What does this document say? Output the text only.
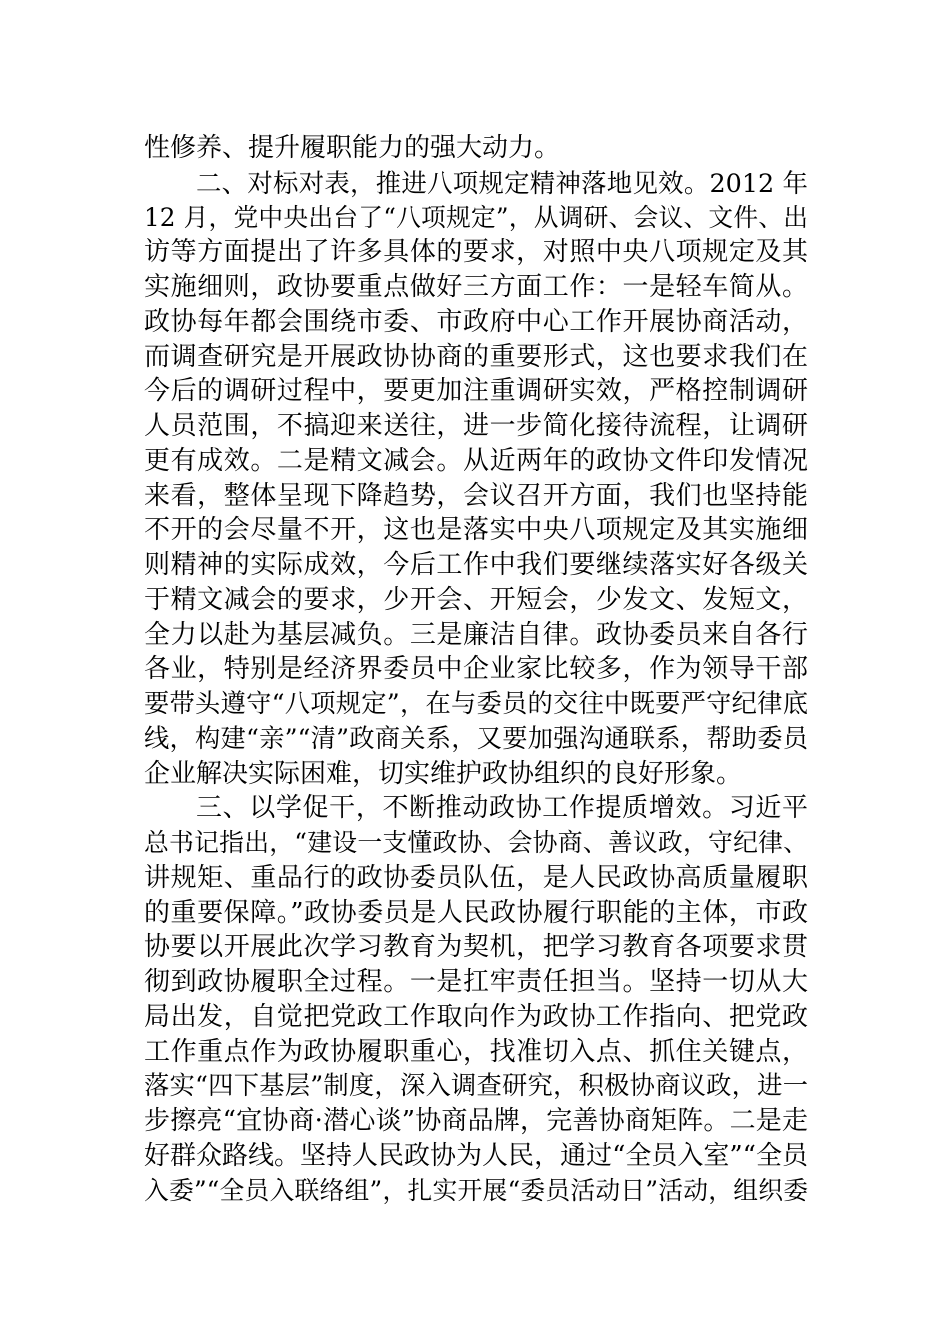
性修养、提升履职能力的强大动力。
二、对标对表，推进八项规定精神落地见效。2012 年
12 月，党中央出台了“八项规定”，从调研、会议、文件、出
访等方面提出了许多具体的要求，对照中央八项规定及其
实施细则，政协要重点做好三方面工作：一是轻车简从。
政协每年都会围绕市委、市政府中心工作开展协商活动，
而调查研究是开展政协协商的重要形式，这也要求我们在
今后的调研过程中，要更加注重调研实效，严格控制调研
人员范围，不搞迎来送往，进一步简化接待流程，让调研
更有成效。二是精文减会。从近两年的政协文件印发情况
来看，整体呈现下降趋势，会议召开方面，我们也坚持能
不开的会尽量不开，这也是落实中央八项规定及其实施细
则精神的实际成效，今后工作中我们要继续落实好各级关
于精文减会的要求，少开会、开短会，少发文、发短文，
全力以赴为基层减负。三是廉洁自律。政协委员来自各行
各业，特别是经济界委员中企业家比较多，作为领导干部
要带头遵守“八项规定”，在与委员的交往中既要严守纪律底
线，构建“亲”“清”政商关系，又要加强沟通联系，帮助委员
企业解决实际困难，切实维护政协组织的良好形象。
三、以学促干，不断推动政协工作提质增效。习近平
总书记指出，“建设一支懂政协、会协商、善议政，守纪律、
讲规矩、重品行的政协委员队伍，是人民政协高质量履职
的重要保障。”政协委员是人民政协履行职能的主体，市政
协要以开展此次学习教育为契机，把学习教育各项要求贯
彻到政协履职全过程。一是扛牢责任担当。坚持一切从大
局出发，自觉把党政工作取向作为政协工作指向、把党政
工作重点作为政协履职重心，找准切入点、抓住关键点，
落实“四下基层”制度，深入调查研究，积极协商议政，进一
步擦亮“宜协商·潜心谈”协商品牌，完善协商矩阵。二是走
好群众路线。坚持人民政协为人民，通过“全员入室”“全员
入委”“全员入联络组”，扎实开展“委员活动日”活动，组织委
